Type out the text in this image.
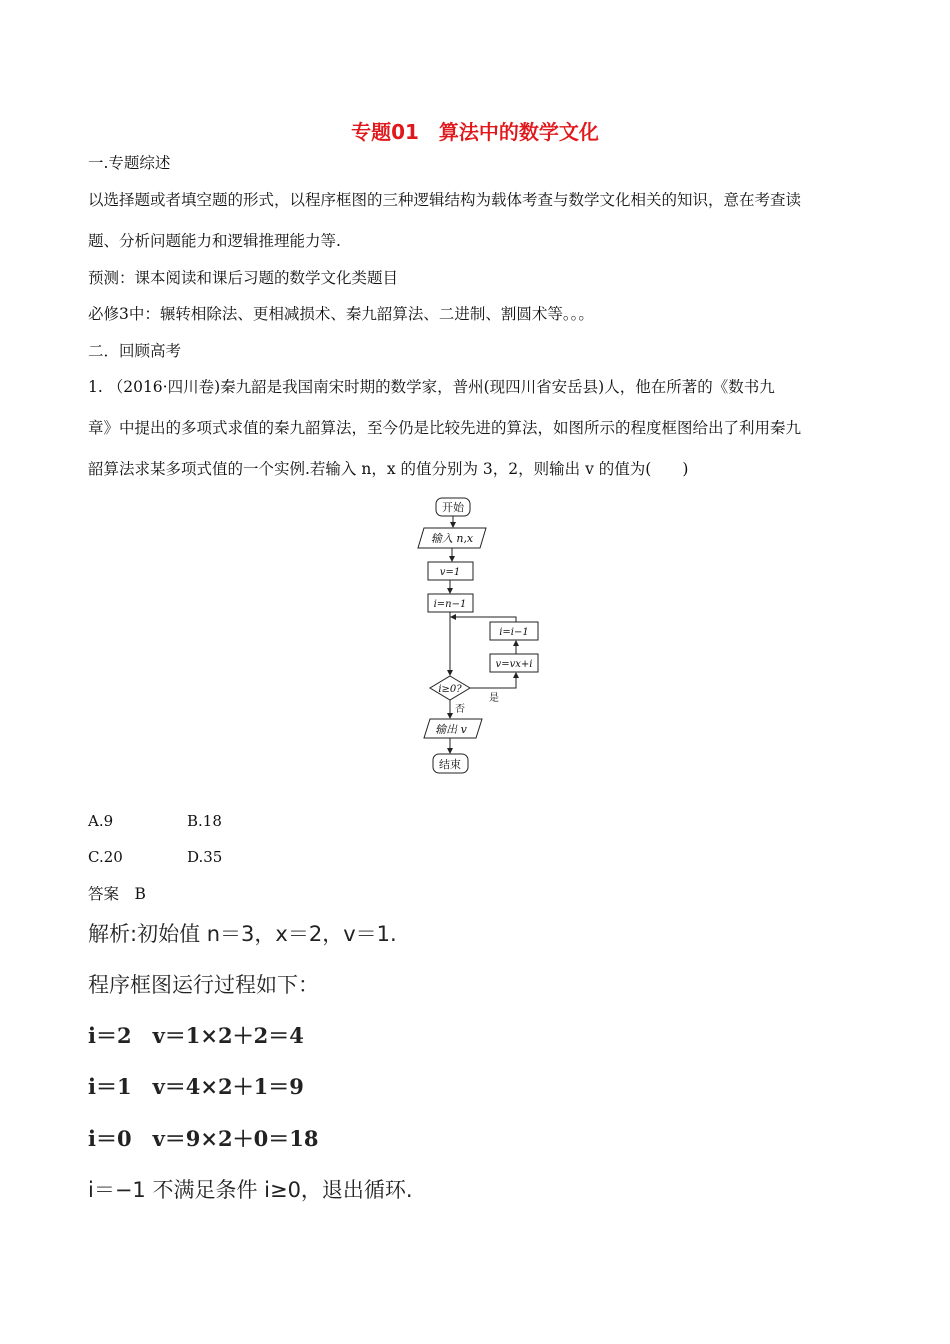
专题01　算法中的数学文化
一.专题综述
以选择题或者填空题的形式，以程序框图的三种逻辑结构为载体考查与数学文化相关的知识，意在考查读
题、分析问题能力和逻辑推理能力等.
预测：课本阅读和课后习题的数学文化类题目
必修3中：辗转相除法、更相减损术、秦九韶算法、二进制、割圆术等。。。
二．回顾高考
1. （2016·四川卷)秦九韶是我国南宋时期的数学家，普州(现四川省安岳县)人，他在所著的《数书九
章》中提出的多项式求值的秦九韶算法，至今仍是比较先进的算法，如图所示的程度框图给出了利用秦九
韶算法求某多项式值的一个实例.若输入 n，x 的值分别为 3，2，则输出 v 的值为(　　)
开始
输入 n,x
v=1
i=n−1
i=i−1
v=vx+i
i≥0?
是
否
输出 v
结束
A.9	B.18
C.20	D.35
答案　B
解析:初始值 n＝3，x＝2，v＝1.
程序框图运行过程如下：
i＝2　v＝1×2＋2＝4
i＝1　v＝4×2＋1＝9
i＝0　v＝9×2＋0＝18
i＝−1 不满足条件 i≥0，退出循环.
